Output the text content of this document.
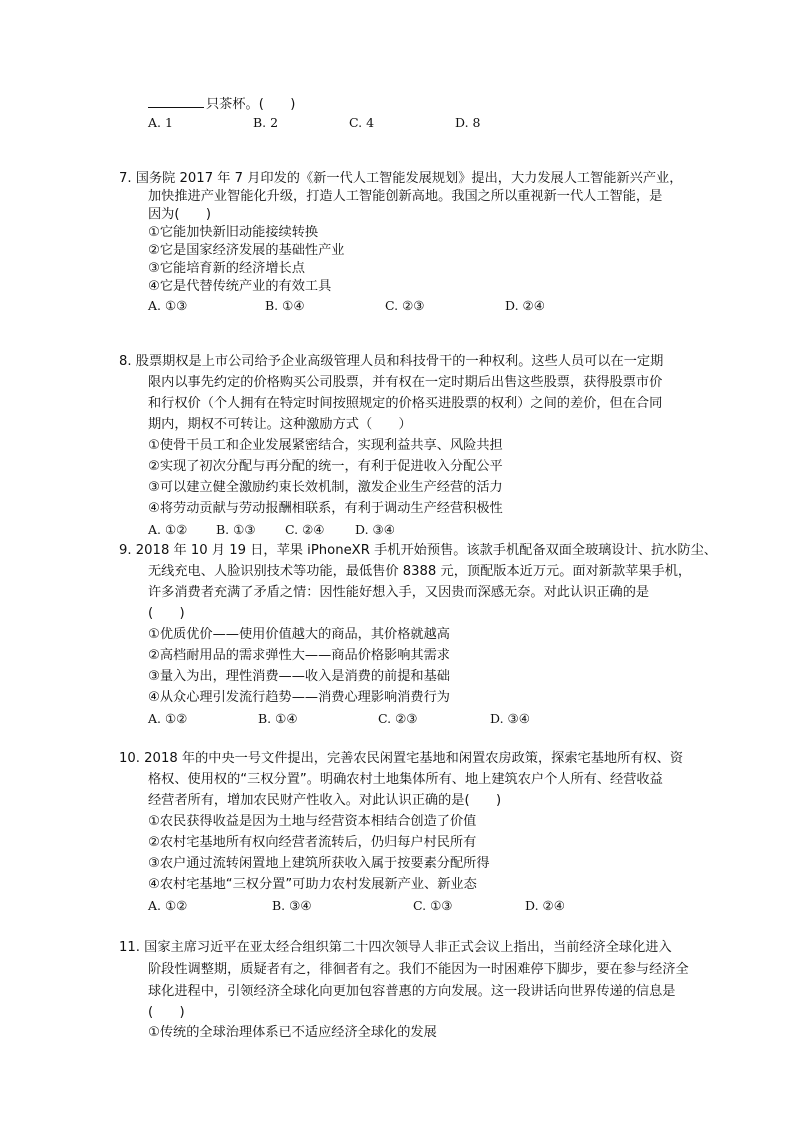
只茶杯。(　　)
A. 1	B. 2	C. 4	D. 8
7. 国务院 2017 年 7 月印发的《新一代人工智能发展规划》提出，大力发展人工智能新兴产业，
加快推进产业智能化升级，打造人工智能创新高地。我国之所以重视新一代人工智能，是
因为(　　)
①它能加快新旧动能接续转换
②它是国家经济发展的基础性产业
③它能培育新的经济增长点
④它是代替传统产业的有效工具
A. ①③	B. ①④	C. ②③	D. ②④
8. 股票期权是上市公司给予企业高级管理人员和科技骨干的一种权利。这些人员可以在一定期
限内以事先约定的价格购买公司股票，并有权在一定时期后出售这些股票，获得股票市价
和行权价（个人拥有在特定时间按照规定的价格买进股票的权利）之间的差价，但在合同
期内，期权不可转让。这种激励方式（　　）
①使骨干员工和企业发展紧密结合，实现利益共享、风险共担
②实现了初次分配与再分配的统一，有利于促进收入分配公平
③可以建立健全激励约束长效机制，激发企业生产经营的活力
④将劳动贡献与劳动报酬相联系，有利于调动生产经营积极性
A. ①② B. ①③ C. ②④ D. ③④
9. 2018 年 10 月 19 日，苹果 iPhoneXR 手机开始预售。该款手机配备双面全玻璃设计、抗水防尘、
无线充电、人脸识别技术等功能，最低售价 8388 元，顶配版本近万元。面对新款苹果手机，
许多消费者充满了矛盾之情：因性能好想入手，又因贵而深感无奈。对此认识正确的是
(　　)
①优质优价——使用价值越大的商品，其价格就越高
②高档耐用品的需求弹性大——商品价格影响其需求
③量入为出，理性消费——收入是消费的前提和基础
④从众心理引发流行趋势——消费心理影响消费行为
A. ①②	B. ①④	C. ②③	D. ③④
10. 2018 年的中央一号文件提出，完善农民闲置宅基地和闲置农房政策，探索宅基地所有权、资
格权、使用权的“三权分置”。明确农村土地集体所有、地上建筑农户个人所有、经营收益
经营者所有，增加农民财产性收入。对此认识正确的是(　　)
①农民获得收益是因为土地与经营资本相结合创造了价值
②农村宅基地所有权向经营者流转后，仍归每户村民所有
③农户通过流转闲置地上建筑所获收入属于按要素分配所得
④农村宅基地“三权分置”可助力农村发展新产业、新业态
A. ①②	B. ③④	C. ①③	D. ②④
11. 国家主席习近平在亚太经合组织第二十四次领导人非正式会议上指出，当前经济全球化进入
阶段性调整期，质疑者有之，徘徊者有之。我们不能因为一时困难停下脚步，要在参与经济全
球化进程中，引领经济全球化向更加包容普惠的方向发展。这一段讲话向世界传递的信息是
(　　)
①传统的全球治理体系已不适应经济全球化的发展
